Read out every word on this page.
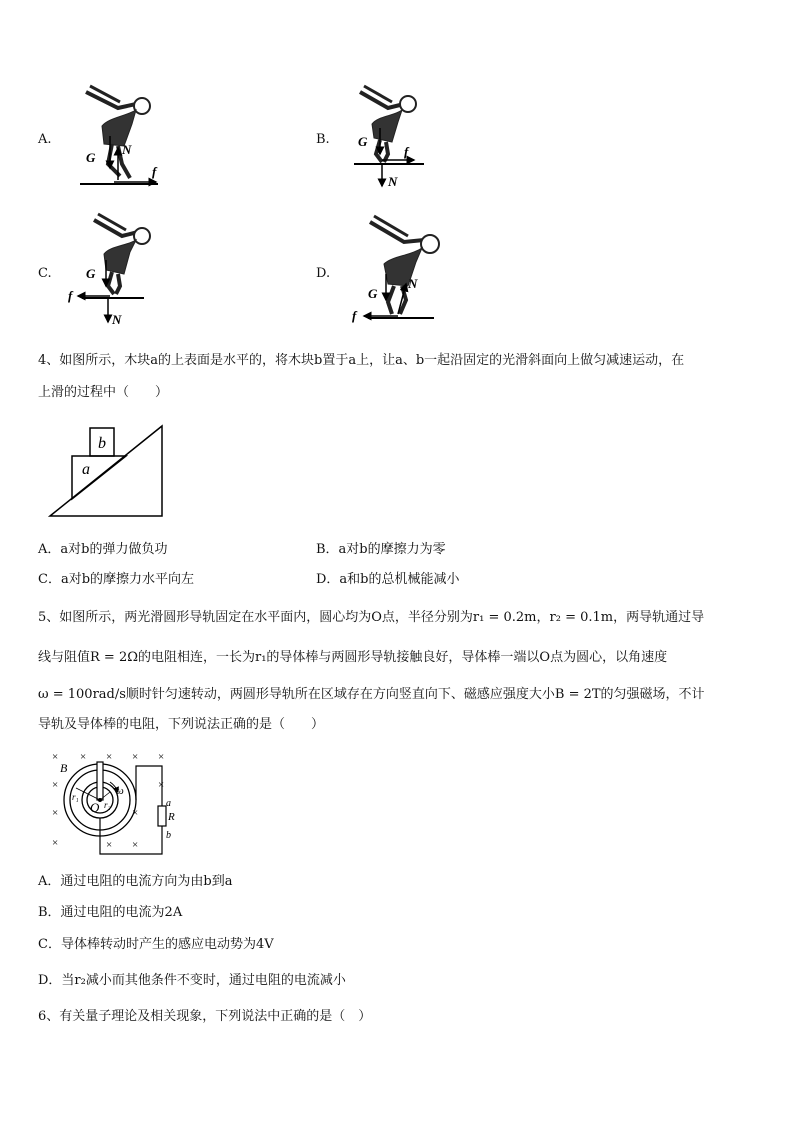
A.	B.
C.	D.
G
N
f
G
N
f
G
N
f	G
N
f
4、如图所示，木块a的上表面是水平的，将木块b置于a上，让a、b一起沿固定的光滑斜面向上做匀减速运动，在
上滑的过程中（　　）
b
a
A．a对b的弹力做负功	B．a对b的摩擦力为零
C．a对b的摩擦力水平向左	D．a和b的总机械能减小
5、如图所示，两光滑圆形导轨固定在水平面内，圆心均为O点，半径分别为r₁ = 0.2m，r₂ = 0.1m，两导轨通过导
线与阻值R = 2Ω的电阻相连，一长为r₁的导体棒与两圆形导轨接触良好，导体棒一端以O点为圆心，以角速度
ω = 100rad/s顺时针匀速转动，两圆形导轨所在区域存在方向竖直向下、磁感应强度大小B = 2T的匀强磁场，不计
导轨及导体棒的电阻，下列说法正确的是（　　）
× × × × ×
×	×
×	×
×	× ×
B
O
ω
r₁
r₂	a
R
b
A．通过电阻的电流方向为由b到a
B．通过电阻的电流为2A
C．导体棒转动时产生的感应电动势为4V
D．当r₂减小而其他条件不变时，通过电阻的电流减小
6、有关量子理论及相关现象，下列说法中正确的是（　）
